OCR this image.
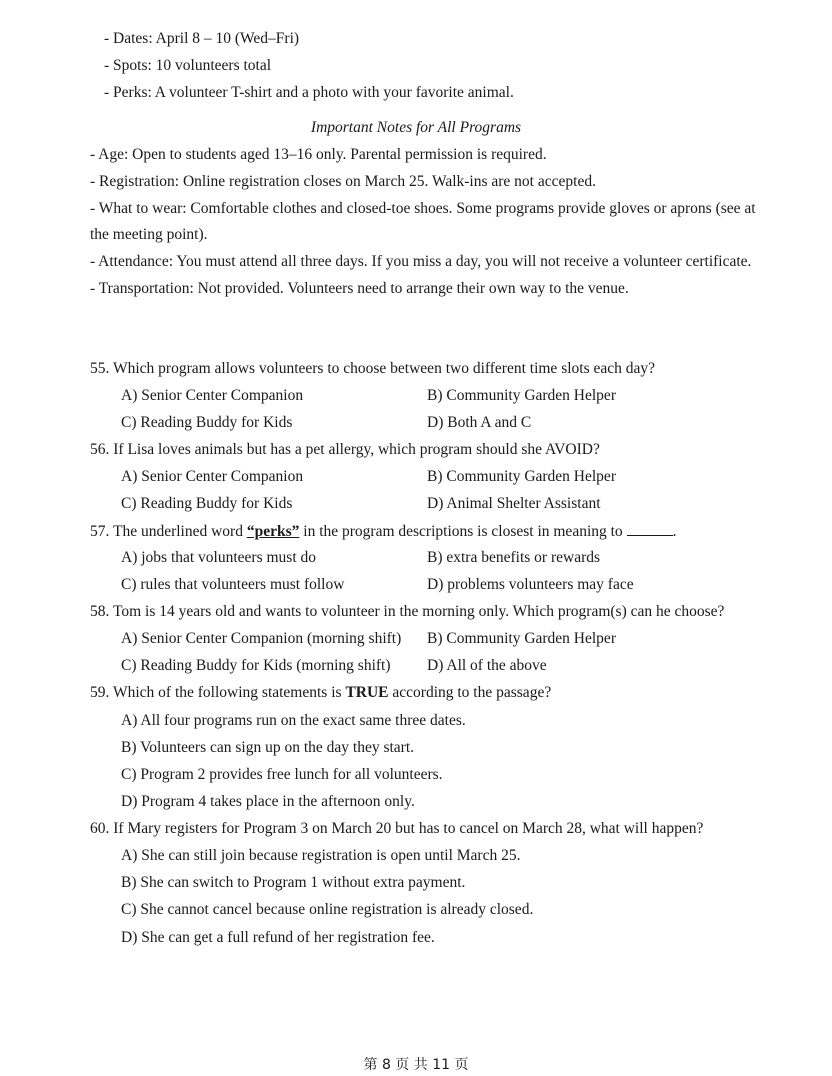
- Dates: April 8 – 10 (Wed–Fri)
- Spots: 10 volunteers total
- Perks: A volunteer T-shirt and a photo with your favorite animal.
Important Notes for All Programs
- Age: Open to students aged 13–16 only. Parental permission is required.
- Registration: Online registration closes on March 25. Walk-ins are not accepted.
- What to wear: Comfortable clothes and closed-toe shoes. Some programs provide gloves or aprons (see at
the meeting point).
- Attendance: You must attend all three days. If you miss a day, you will not receive a volunteer certificate.
- Transportation: Not provided. Volunteers need to arrange their own way to the venue.
55. Which program allows volunteers to choose between two different time slots each day?
A) Senior Center Companion	B) Community Garden Helper
C) Reading Buddy for Kids	D) Both A and C
56. If Lisa loves animals but has a pet allergy, which program should she AVOID?
A) Senior Center Companion	B) Community Garden Helper
C) Reading Buddy for Kids	D) Animal Shelter Assistant
57. The underlined word “perks” in the program descriptions is closest in meaning to	.
A) jobs that volunteers must do	B) extra benefits or rewards
C) rules that volunteers must follow	D) problems volunteers may face
58. Tom is 14 years old and wants to volunteer in the morning only. Which program(s) can he choose?
A) Senior Center Companion (morning shift) B) Community Garden Helper
C) Reading Buddy for Kids (morning shift) D) All of the above
59. Which of the following statements is TRUE according to the passage?
A) All four programs run on the exact same three dates.
B) Volunteers can sign up on the day they start.
C) Program 2 provides free lunch for all volunteers.
D) Program 4 takes place in the afternoon only.
60. If Mary registers for Program 3 on March 20 but has to cancel on March 28, what will happen?
A) She can still join because registration is open until March 25.
B) She can switch to Program 1 without extra payment.
C) She cannot cancel because online registration is already closed.
D) She can get a full refund of her registration fee.
第 8 页 共 11 页
